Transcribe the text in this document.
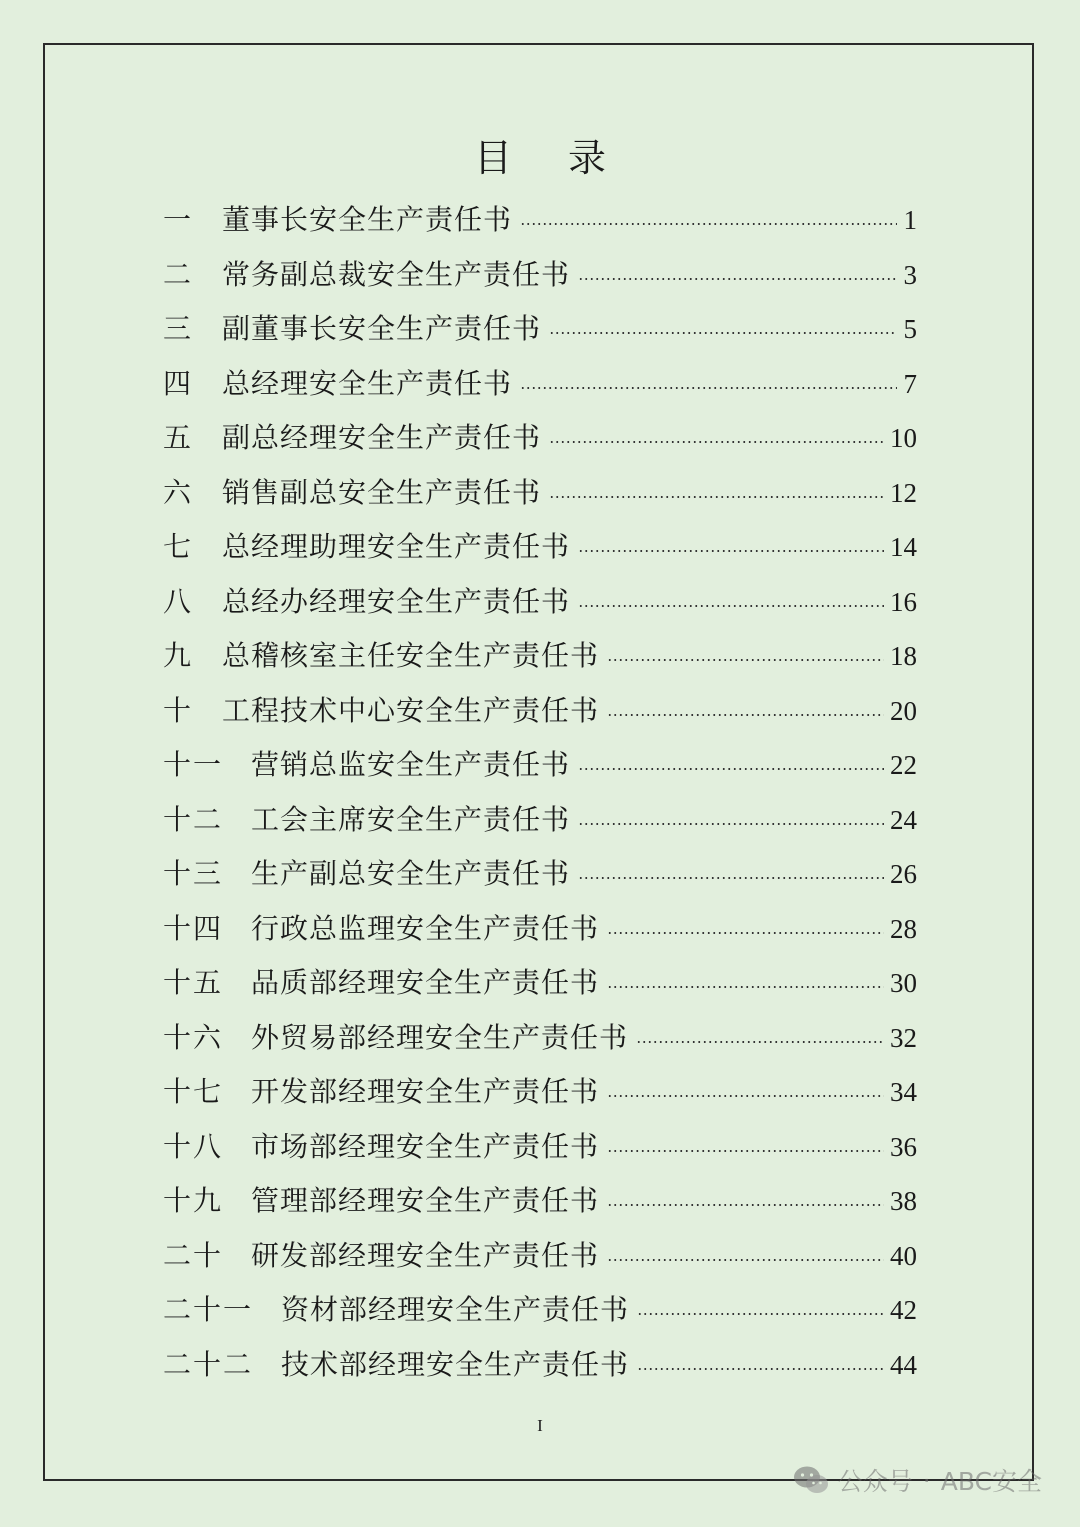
目 录
一	董事长安全生产责任书	1
二	常务副总裁安全生产责任书	3
三	副董事长安全生产责任书	5
四	总经理安全生产责任书	7
五	副总经理安全生产责任书	10
六	销售副总安全生产责任书	12
七	总经理助理安全生产责任书	14
八	总经办经理安全生产责任书	16
九	总稽核室主任安全生产责任书	18
十	工程技术中心安全生产责任书	20
十一 营销总监安全生产责任书	22
十二 工会主席安全生产责任书	24
十三 生产副总安全生产责任书	26
十四 行政总监理安全生产责任书	28
十五 品质部经理安全生产责任书	30
十六 外贸易部经理安全生产责任书	32
十七 开发部经理安全生产责任书	34
十八 市场部经理安全生产责任书	36
十九 管理部经理安全生产责任书	38
二十 研发部经理安全生产责任书	40
二十一 资材部经理安全生产责任书	42
二十二 技术部经理安全生产责任书	44
I
公众号 · ABC安全
